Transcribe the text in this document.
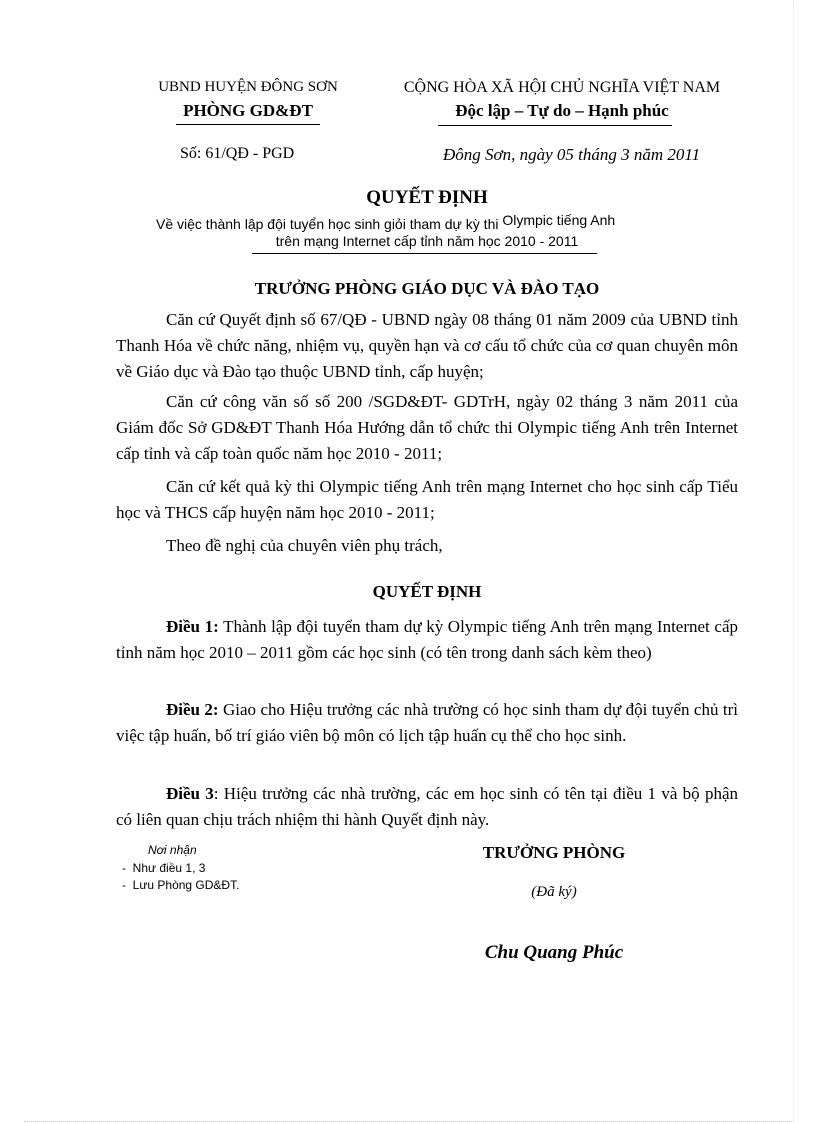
UBND HUYỆN ĐÔNG SƠN
PHÒNG GD&ĐT
Số: 61/QĐ - PGD
CỘNG HÒA XÃ HỘI CHỦ NGHĨA VIỆT NAM
Độc lập – Tự do – Hạnh phúc
Đông Sơn, ngày 05 tháng 3 năm 2011
QUYẾT ĐỊNH
Về việc thành lập đội tuyển học sinh giỏi tham dự kỳ thi Olympic tiếng Anh
trên mạng Internet cấp tỉnh năm học 2010 - 2011
TRƯỞNG PHÒNG GIÁO DỤC VÀ ĐÀO TẠO
Căn cứ Quyết định số 67/QĐ - UBND ngày 08 tháng 01 năm 2009 của UBND tỉnh Thanh Hóa về chức năng, nhiệm vụ, quyền hạn và cơ cấu tổ chức của cơ quan chuyên môn về Giáo dục và Đào tạo thuộc UBND tỉnh, cấp huyện;
Căn cứ công văn số số 200 /SGD&ĐT- GDTrH, ngày 02 tháng 3 năm 2011 của Giám đốc Sở GD&ĐT Thanh Hóa Hướng dẫn tổ chức thi Olympic tiếng Anh trên Internet cấp tỉnh và cấp toàn quốc năm học 2010 - 2011;
Căn cứ kết quả kỳ thi Olympic tiếng Anh trên mạng Internet cho học sinh cấp Tiểu học và THCS cấp huyện năm học 2010 - 2011;
Theo đề nghị của chuyên viên phụ trách,
QUYẾT ĐỊNH
Điều 1: Thành lập đội tuyển tham dự kỳ Olympic tiếng Anh trên mạng Internet cấp tỉnh năm học 2010 – 2011 gồm các học sinh (có tên trong danh sách kèm theo)
Điều 2: Giao cho Hiệu trưởng các nhà trường có học sinh tham dự đội tuyển chủ trì việc tập huấn, bố trí giáo viên bộ môn có lịch tập huấn cụ thể cho học sinh.
Điều 3: Hiệu trưởng các nhà trường, các em học sinh có tên tại điều 1 và bộ phận có liên quan chịu trách nhiệm thi hành Quyết định này.
Nơi nhận
-  Như điều 1, 3
-  Lưu Phòng GD&ĐT.
TRƯỞNG PHÒNG
(Đã ký)
Chu Quang Phúc
